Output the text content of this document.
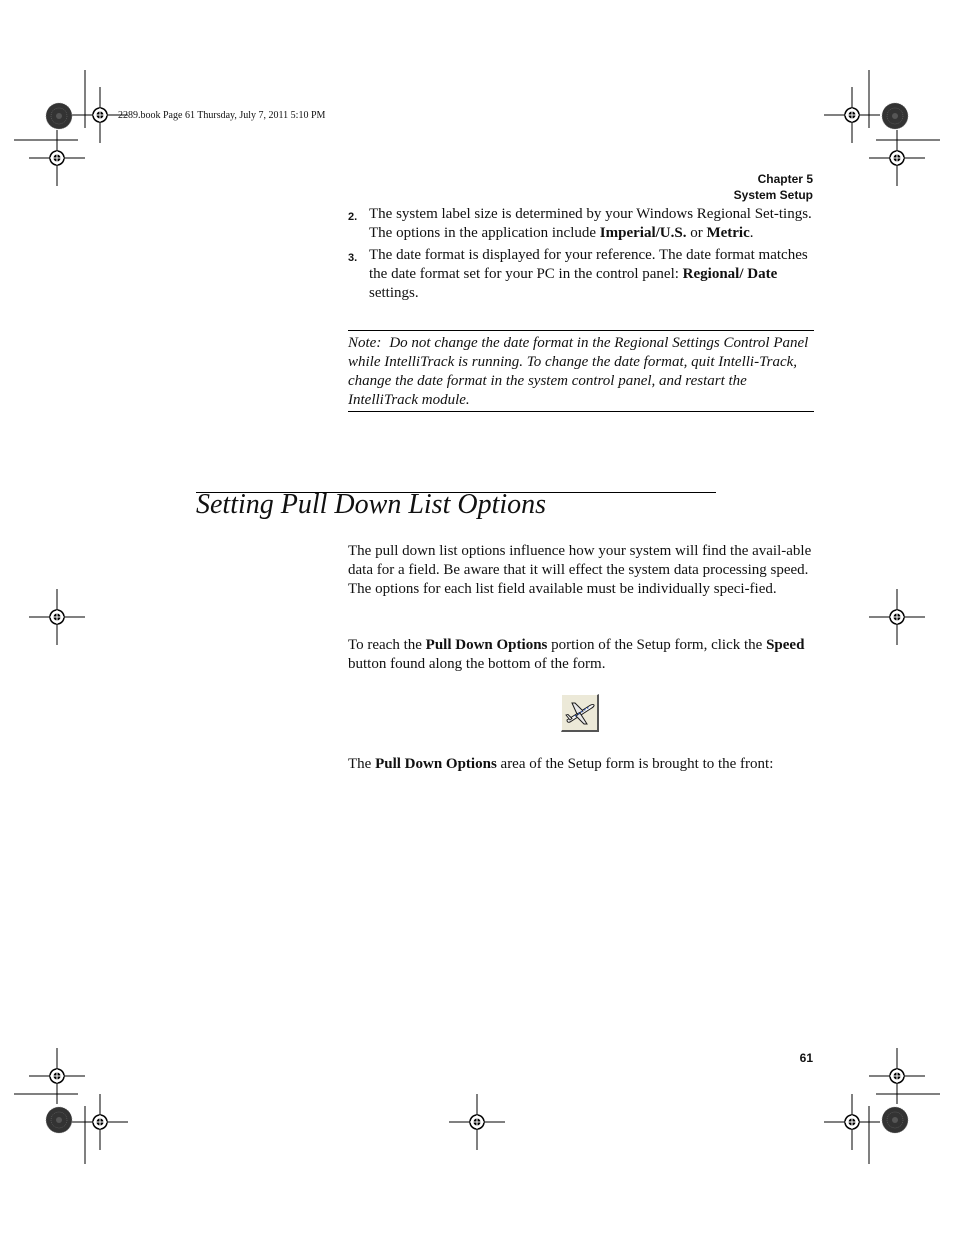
2289.book Page 61 Thursday, July 7, 2011 5:10 PM
Chapter 5
System Setup
2. The system label size is determined by your Windows Regional Set-tings. The options in the application include Imperial/U.S. or Metric.
3. The date format is displayed for your reference. The date format matches the date format set for your PC in the control panel: Regional/ Date settings.
Note: Do not change the date format in the Regional Settings Control Panel while IntelliTrack is running. To change the date format, quit Intelli-Track, change the date format in the system control panel, and restart the IntelliTrack module.
Setting Pull Down List Options
The pull down list options influence how your system will find the avail-able data for a field. Be aware that it will effect the system data processing speed. The options for each list field available must be individually speci-fied.
To reach the Pull Down Options portion of the Setup form, click the Speed button found along the bottom of the form.
The Pull Down Options area of the Setup form is brought to the front:
61
